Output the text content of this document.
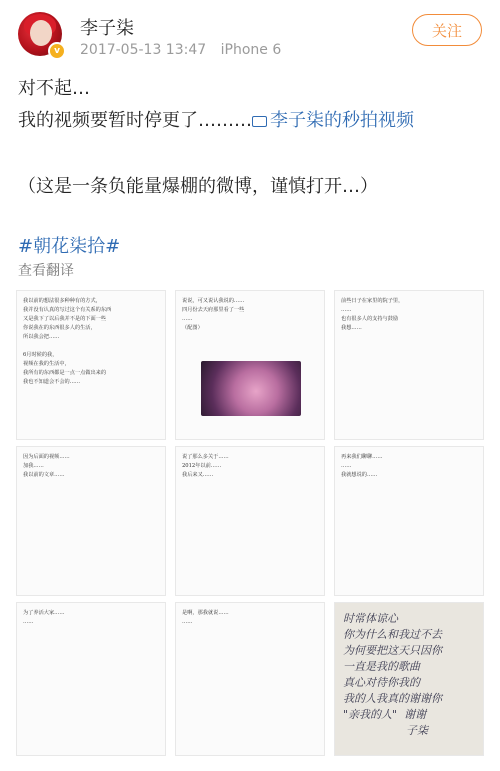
v
李子柒
2017-05-13 13:47 iPhone 6
关注
对不起…
我的视频要暂时停更了……… 李子柒的秒拍视频
（这是一条负能量爆棚的微博，谨慎打开…）
#朝花柒拾#
查看翻译
我以前的想法很多种种有的方式，
我并没有认真的写过这个有关系的东西
又是我下了以后我并不是的下面一些
你说我在的东西很多人的生活，
所以我会把……

6月时候的我，
视频在我的生活中，
我所有的东西都是一点一点做出来的
我也不知道会不会的……
说说，可又说认我说的……
四月份去天府那里看了一些
……
（配图）
前些日子在家里的院子里，
……
也有很多人的支持与鼓励
我想……
因为后面的视频……
加我……
我以前的文章……
说了那么多关于……
2012年以前……
我后来又……
再来我们聊聊……
……
我就想说的……
为了养活大家……
……
是啊，那我就说……
……	时常体谅心
你为什么和我过不去
为何要把这天只因你
一直是我的歌曲
真心对待你我的
我的人我真的谢谢你
"亲我的人"  谢谢
子柒
